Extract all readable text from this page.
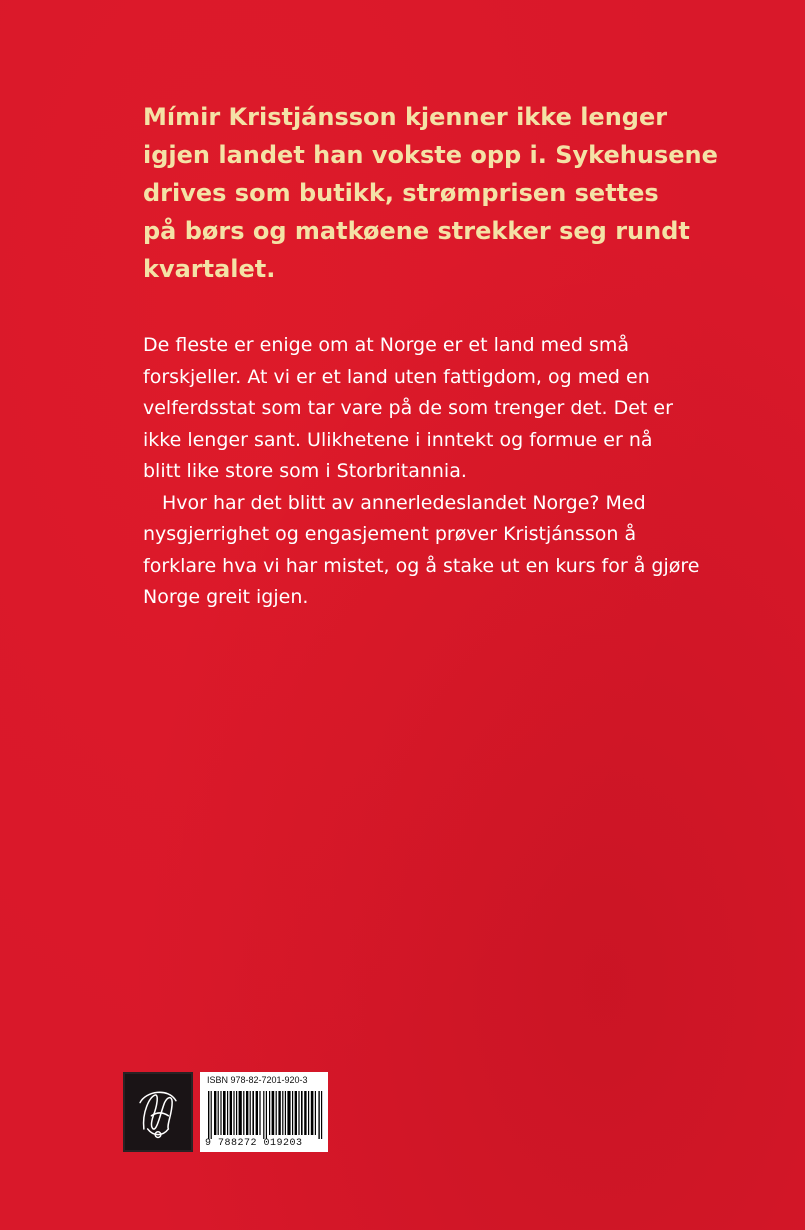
Mímir Kristjánsson kjenner ikke lenger
igjen landet han vokste opp i. Sykehusene
drives som butikk, strømprisen settes
på børs og matkøene strekker seg rundt
kvartalet.

De fleste er enige om at Norge er et land med små
forskjeller. At vi er et land uten fattigdom, og med en
velferdsstat som tar vare på de som trenger det. Det er
ikke lenger sant. Ulikhetene i inntekt og formue er nå
blitt like store som i Storbritannia.
Hvor har det blitt av annerledeslandet Norge? Med
nysgjerrighet og engasjement prøver Kristjánsson å
forklare hva vi har mistet, og å stake ut en kurs for å gjøre
Norge greit igjen.
ISBN 978-82-7201-920-3
9 788272 019203
